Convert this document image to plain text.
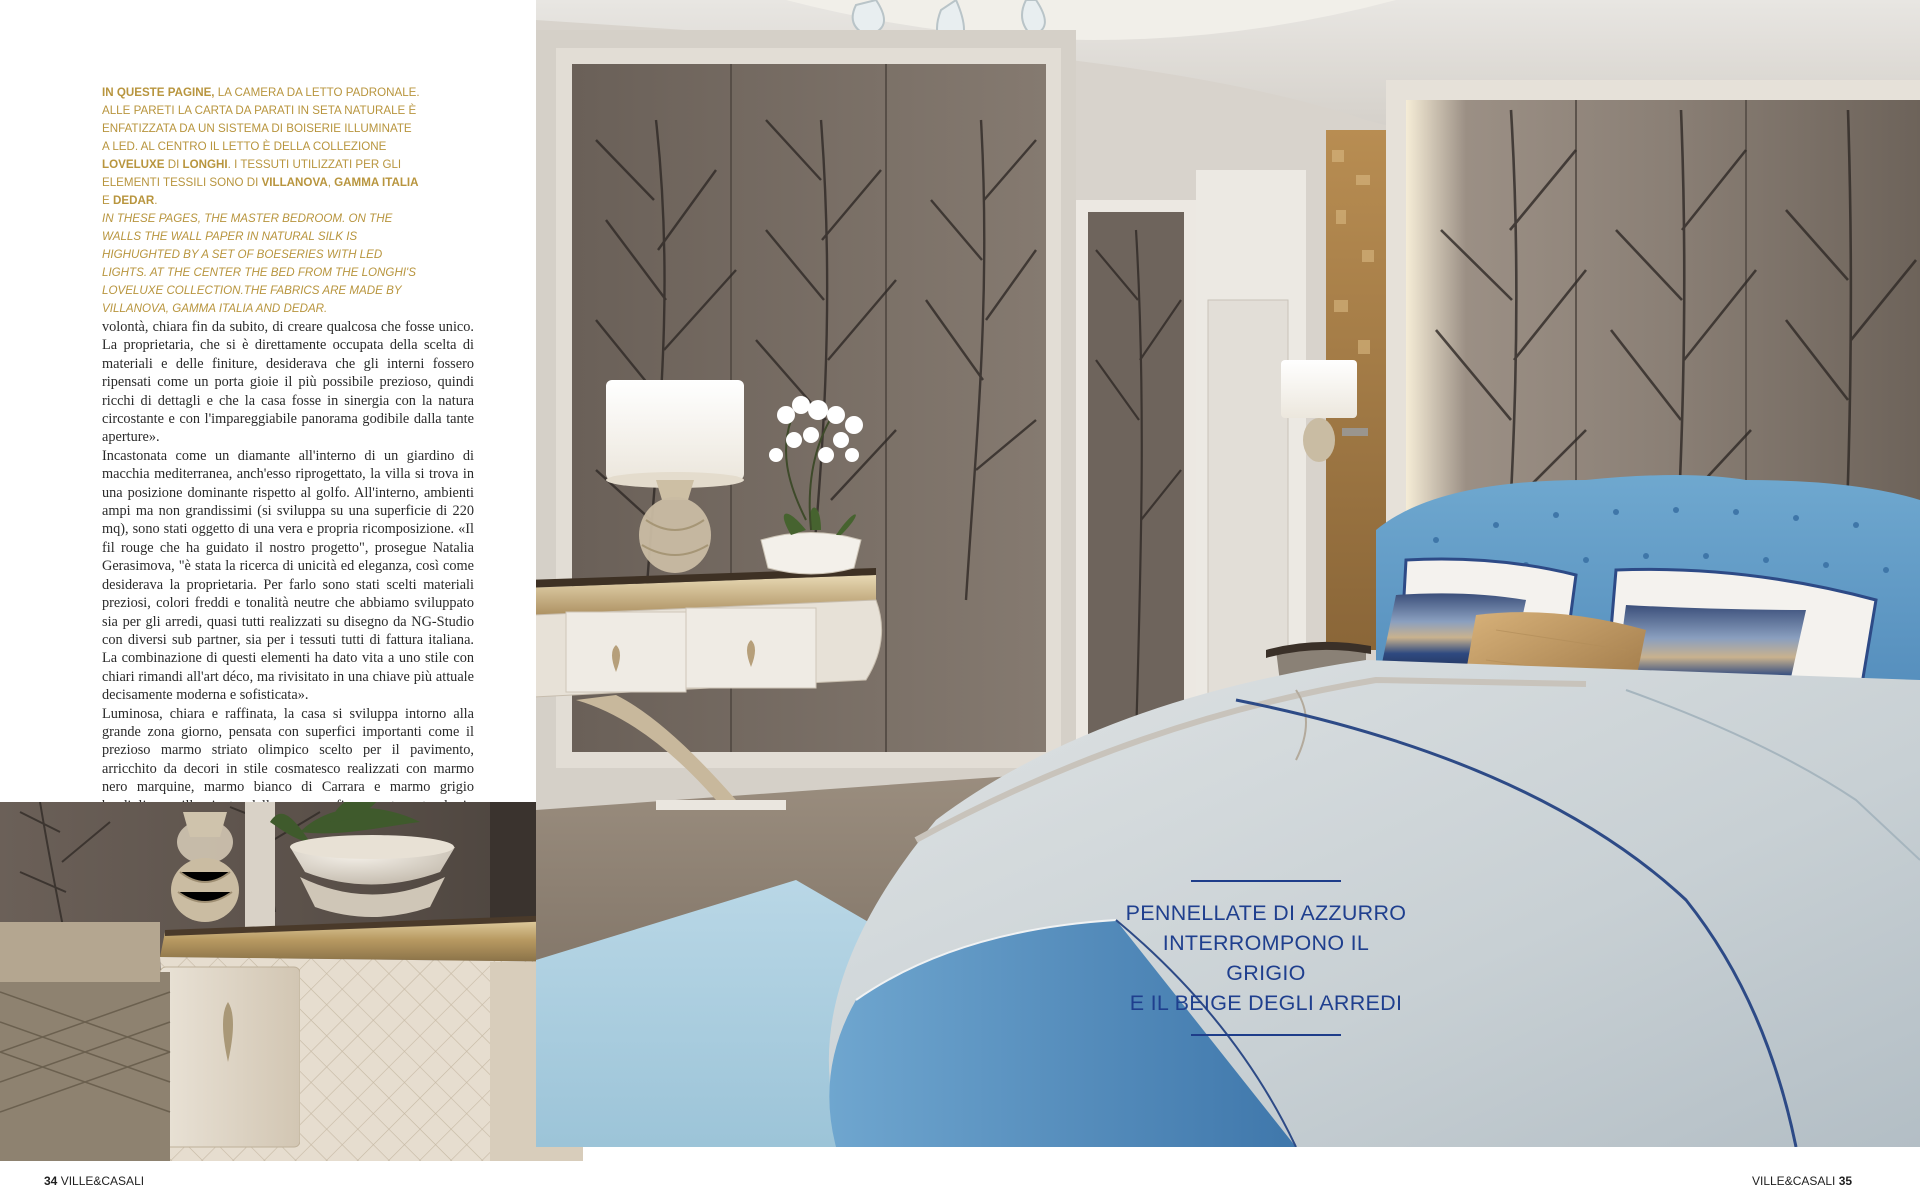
IN QUESTE PAGINE, LA CAMERA DA LETTO PADRONALE. ALLE PARETI LA CARTA DA PARATI IN SETA NATURALE È ENFATIZZATA DA UN SISTEMA DI BOISERIE ILLUMINATE A LED. AL CENTRO IL LETTO È DELLA COLLEZIONE LOVELUXE DI LONGHI. I TESSUTI UTILIZZATI PER GLI ELEMENTI TESSILI SONO DI VILLANOVA, GAMMA ITALIA E DEDAR.
IN THESE PAGES, THE MASTER BEDROOM. ON THE WALLS THE WALL PAPER IN NATURAL SILK IS HIGHUGHTED BY A SET OF BOESERIES WITH LED LIGHTS. AT THE CENTER THE BED FROM THE LONGHI'S LOVELUXE COLLECTION.THE FABRICS ARE MADE BY VILLANOVA, GAMMA ITALIA AND DEDAR.

volontà, chiara fin da subito, di creare qualcosa che fosse unico. La proprietaria, che si è direttamente occupata della scelta di materiali e delle finiture, desiderava che gli interni fossero ripensati come un porta gioie il più possibile prezioso, quindi ricchi di dettagli e che la casa fosse in sinergia con la natura circostante e con l'impareggiabile panorama godibile dalla tante aperture».

Incastonata come un diamante all'interno di un giardino di macchia mediterranea, anch'esso riprogettato, la villa si trova in una posizione dominante rispetto al golfo. All'interno, ambienti ampi ma non grandissimi (si sviluppa su una superficie di 220 mq), sono stati oggetto di una vera e propria ricomposizione. «Il fil rouge che ha guidato il nostro progetto", prosegue Natalia Gerasimova, "è stata la ricerca di unicità ed eleganza, così come desiderava la proprietaria. Per farlo sono stati scelti materiali preziosi, colori freddi e tonalità neutre che abbiamo sviluppato sia per gli arredi, quasi tutti realizzati su disegno da NG-Studio con diversi sub partner, sia per i tessuti tutti di fattura italiana. La combinazione di questi elementi ha dato vita a uno stile con chiari rimandi all'art déco, ma rivisitato in una chiave più attuale decisamente moderna e sofisticata».

Luminosa, chiara e raffinata, la casa si sviluppa intorno alla grande zona giorno, pensata con superfici importanti come il prezioso marmo striato olimpico scelto per il pavimento, arricchito da decori in stile cosmatesco realizzati con marmo nero marquine, marmo bianco di Carrara e marmo grigio

PENNELLATE DI AZZURRO
INTERROMPONO IL GRIGIO
E IL BEIGE DEGLI ARREDI
34 VILLE&CASALI	VILLE&CASALI 35
